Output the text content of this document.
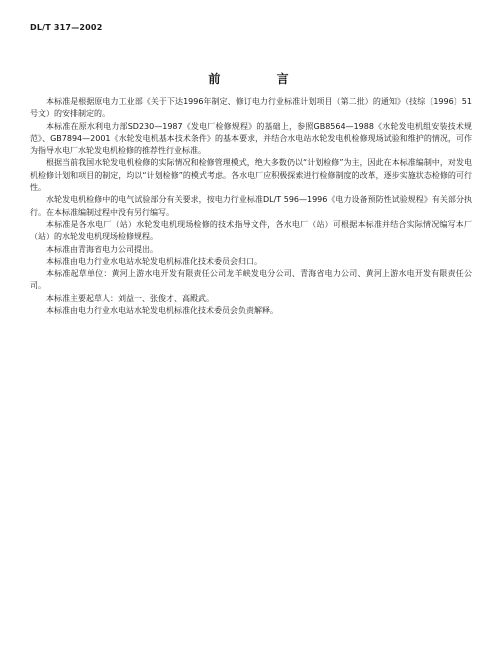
DL/T 317—2002
前 言

本标准是根据原电力工业部《关于下达1996年制定、修订电力行业标准计划项目（第二批）的通知》（技综〔1996〕51号文）的安排制定的。

本标准在原水利电力部SD230—1987《发电厂检修规程》的基础上，参照GB8564—1988《水轮发电机组安装技术规范》、GB7894—2001《水轮发电机基本技术条件》的基本要求，并结合水电站水轮发电机检修现场试验和维护的情况，可作为指导水电厂水轮发电机检修的推荐性行业标准。

根据当前我国水轮发电机检修的实际情况和检修管理模式，绝大多数仍以“计划检修”为主，因此在本标准编制中，对发电机检修计划和项目的制定，均以“计划检修”的模式考虑。各水电厂应积极探索进行检修制度的改革，逐步实施状态检修的可行性。

水轮发电机检修中的电气试验部分有关要求，按电力行业标准DL/T 596—1996《电力设备预防性试验规程》有关部分执行。在本标准编制过程中没有另行编写。

本标准是各水电厂（站）水轮发电机现场检修的技术指导文件，各水电厂（站）可根据本标准并结合实际情况编写本厂（站）的水轮发电机现场检修规程。

本标准由青海省电力公司提出。

本标准由电力行业水电站水轮发电机标准化技术委员会归口。

本标准起草单位：黄河上游水电开发有限责任公司龙羊峡发电分公司、青海省电力公司、黄河上游水电开发有限责任公司。

本标准主要起草人：刘益一、张俊才、高殿武。

本标准由电力行业水电站水轮发电机标准化技术委员会负责解释。
